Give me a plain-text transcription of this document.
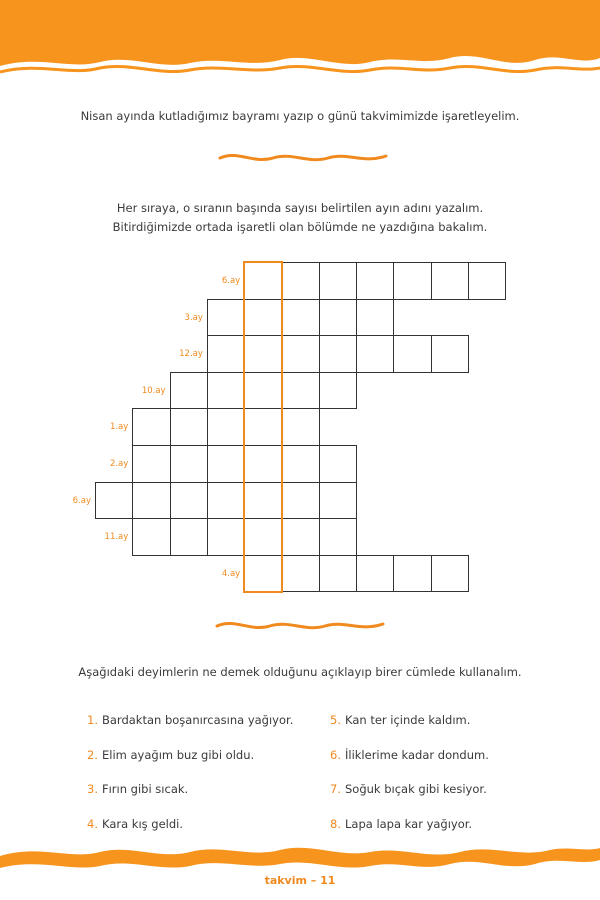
Nisan ayında kutladığımız bayramı yazıp o günü takvimimizde işaretleyelim.
Her sıraya, o sıranın başında sayısı belirtilen ayın adını yazalım.
Bitirdiğimizde ortada işaretli olan bölümde ne yazdığına bakalım.
6.ay
3.ay
12.ay
10.ay
1.ay
2.ay
6.ay
11.ay
4.ay
Aşağıdaki deyimlerin ne demek olduğunu açıklayıp birer cümlede kullanalım.
1. Bardaktan boşanırcasına yağıyor.
2. Elim ayağım buz gibi oldu.
3. Fırın gibi sıcak.
4. Kara kış geldi.
5. Kan ter içinde kaldım.
6. İliklerime kadar dondum.
7. Soğuk bıçak gibi kesiyor.
8. Lapa lapa kar yağıyor.
takvim – 11
